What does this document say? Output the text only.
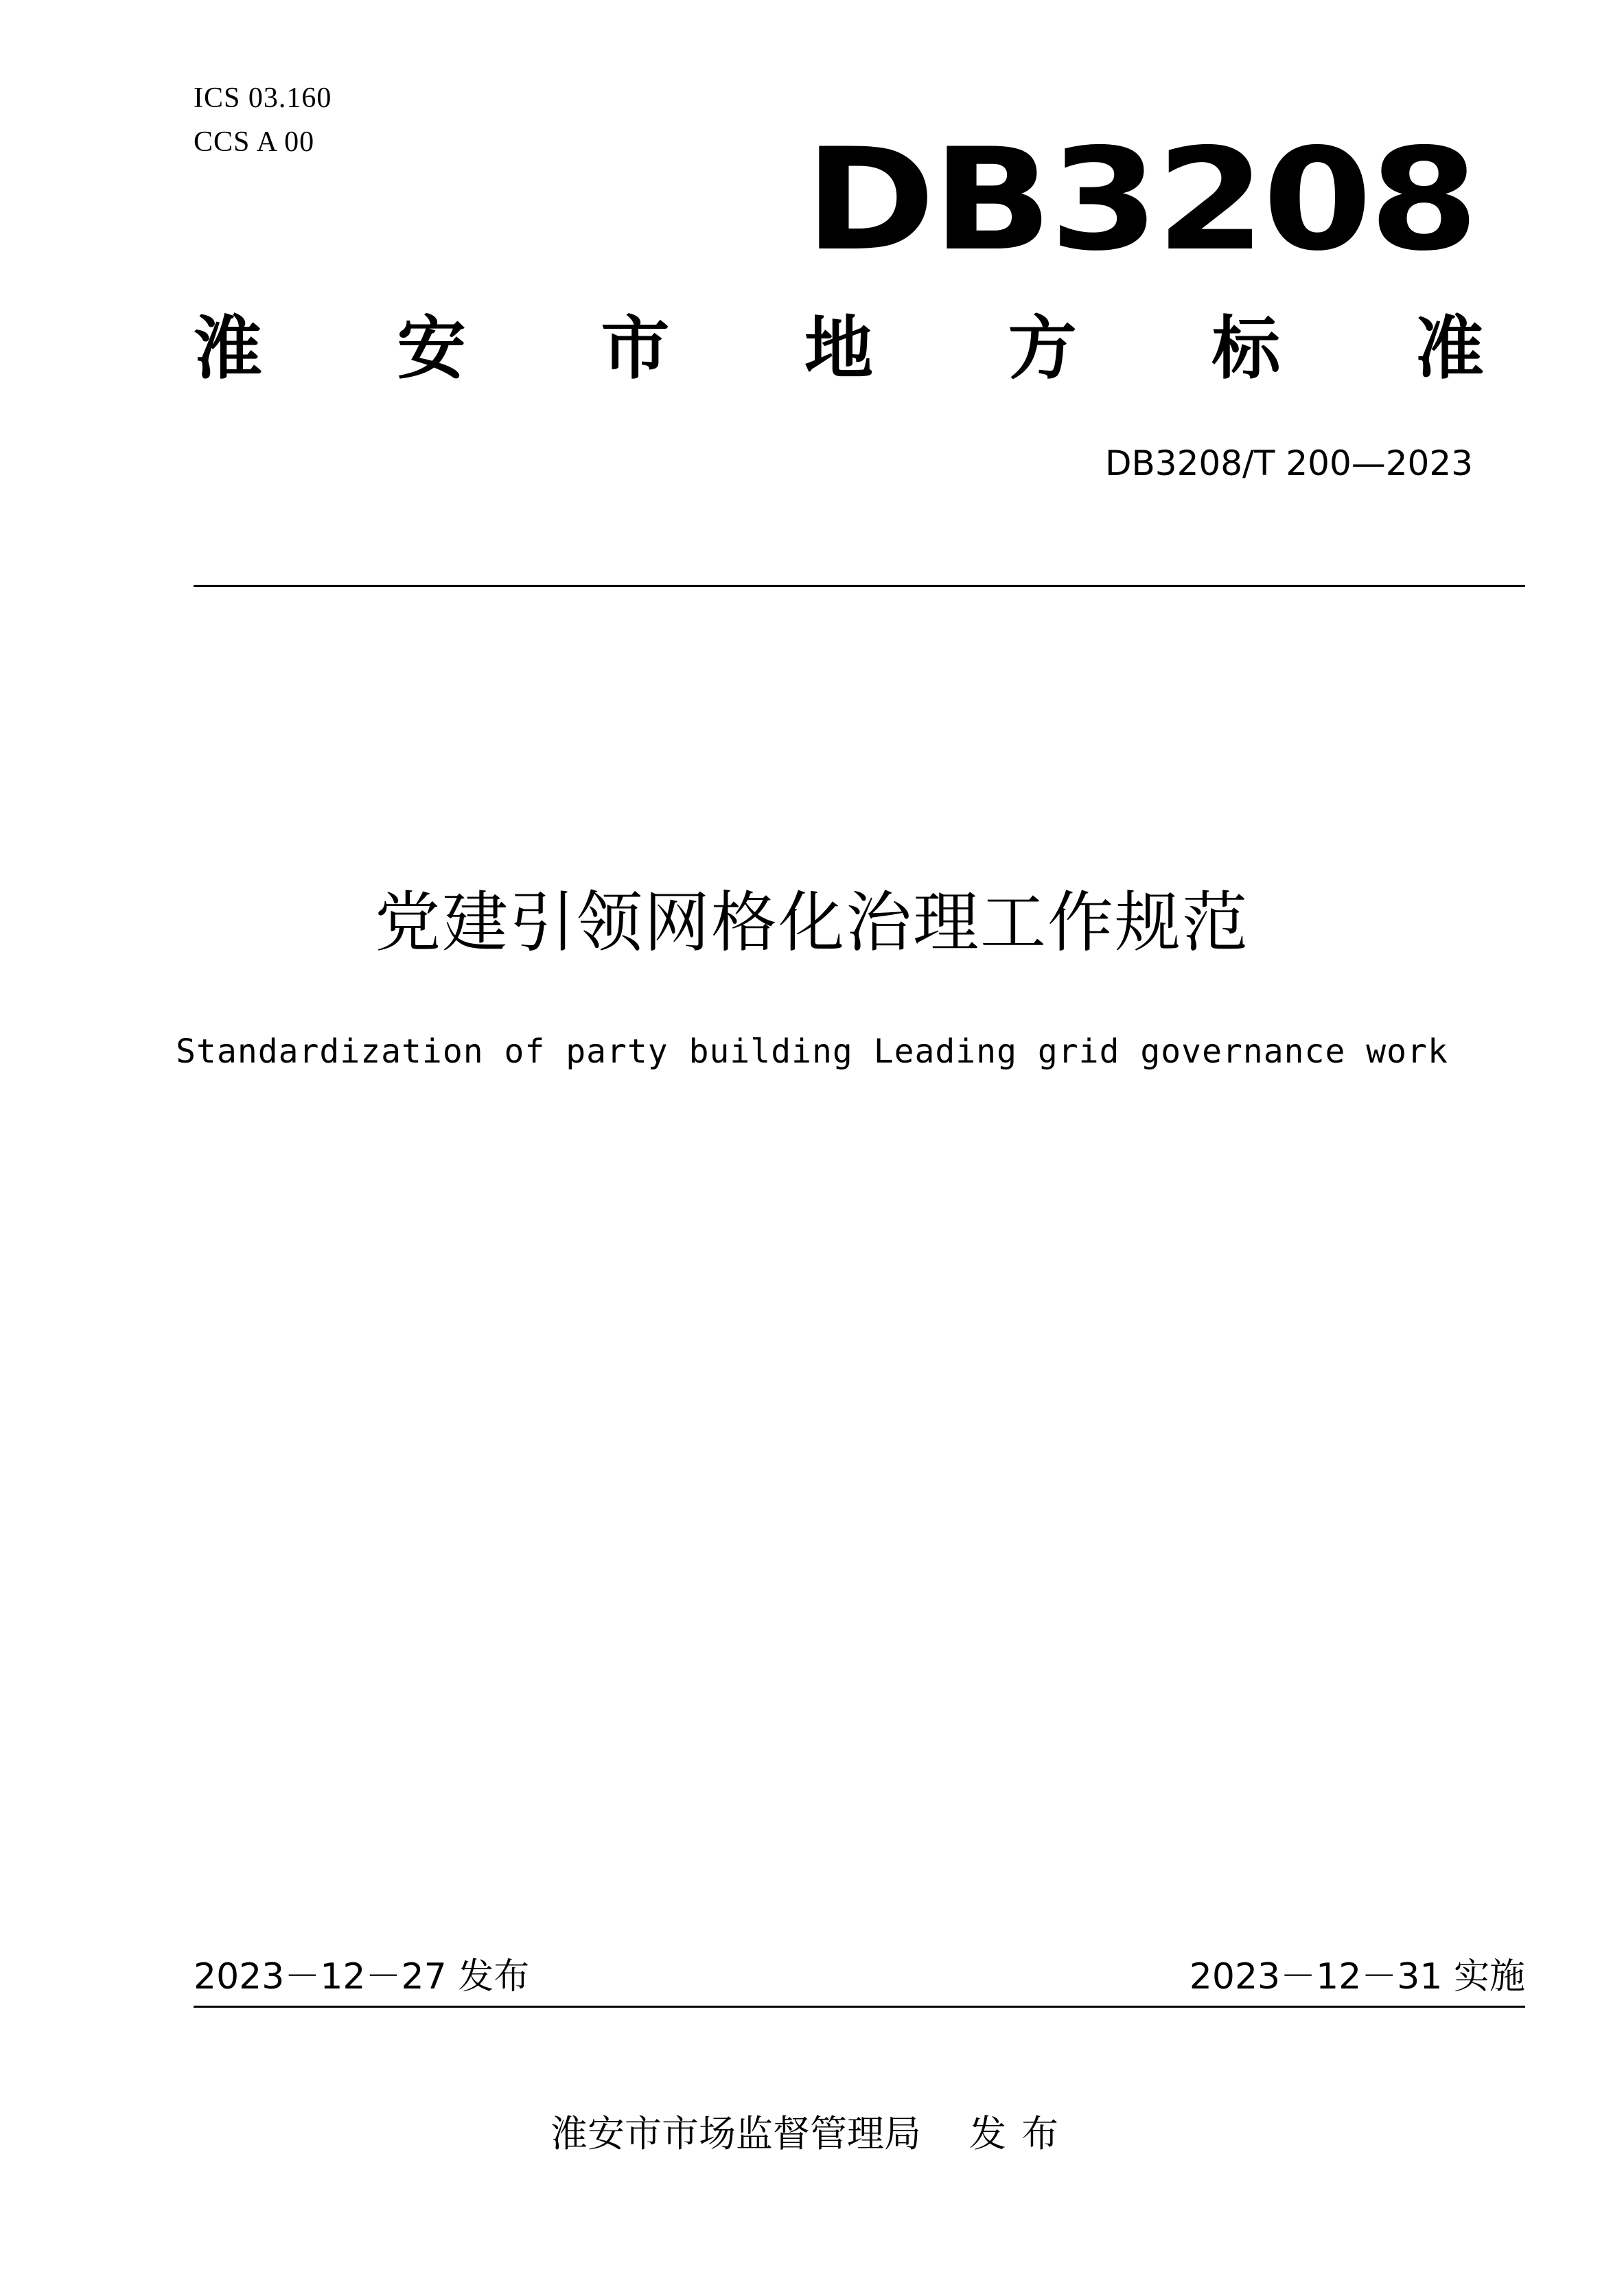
ICS 03.160
CCS A 00	DB3208
淮 安 市 地 方 标 准
DB3208/T 200—2023
党建引领网格化治理工作规范
Standardization of party building Leading grid governance work
2023－12－27 发布	2023－12－31 实施
淮安市市场监督管理局 发布
